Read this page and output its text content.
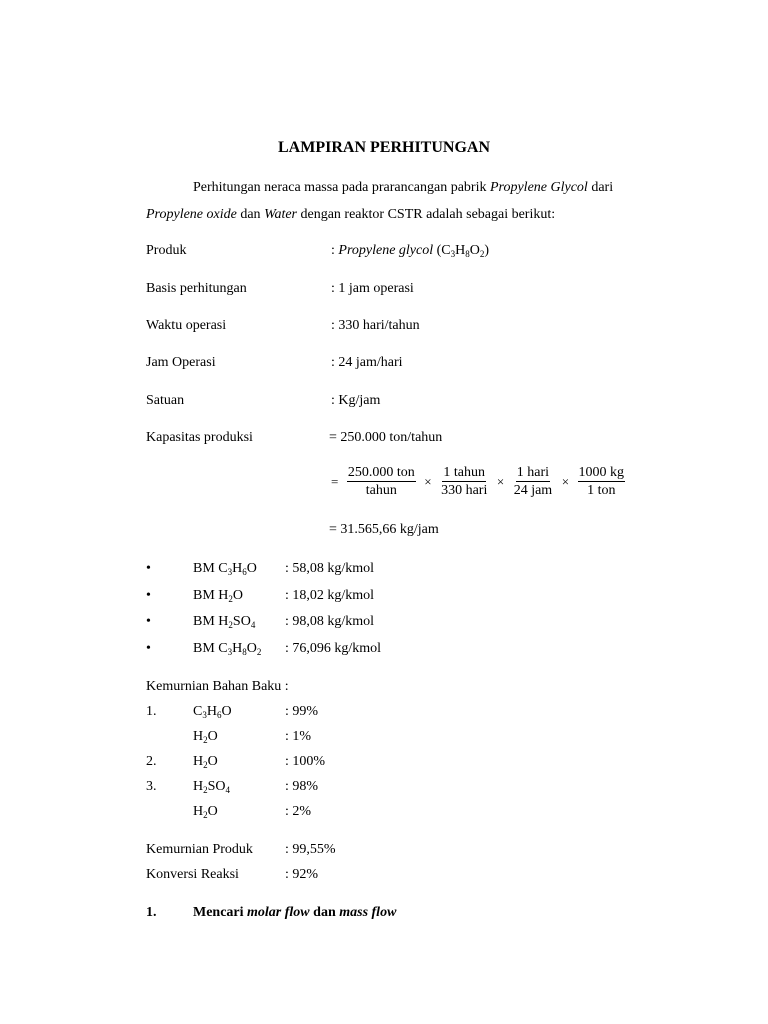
LAMPIRAN PERHITUNGAN
Perhitungan neraca massa pada prarancangan pabrik Propylene Glycol dari
Propylene oxide dan Water dengan reaktor CSTR adalah sebagai berikut:
Produk	: Propylene glycol $(C_3H_8O_2)$
Basis perhitungan	: 1 jam operasi
Waktu operasi	: 330 hari/tahun
Jam Operasi	: 24 jam/hari
Satuan	: Kg/jam
Kapasitas produksi	= 250.000 ton/tahun
= $\frac{\text{250.000 ton}}{\text{tahun}} \times \frac{\text{1 tahun}}{\text{330 hari}} \times \frac{\text{1 hari}}{\text{24 jam}} \times \frac{1000 kg}{\text{1 ton}}$
= 31.565,66 kg/jam
•	BM $C_3H_6O$ : 58,08 kg/kmol
•	BM $H_2O$	: 18,02 kg/kmol
•	BM $H_2SO_4$ : 98,08 kg/kmol
•	BM $C_3H_8O_2$ : 76,096 kg/kmol
Kemurnian Bahan Baku :
1.	$C_3H_6O$	: 99%
$H_2O$	: 1%
2.	$H_2O$	: 100%
3.	$H_2SO_4$	: 98%
$H_2O$	: 2%
Kemurnian Produk : 99,55%
Konversi Reaksi	: 92%
1.	Mencari molar flow dan mass flow
